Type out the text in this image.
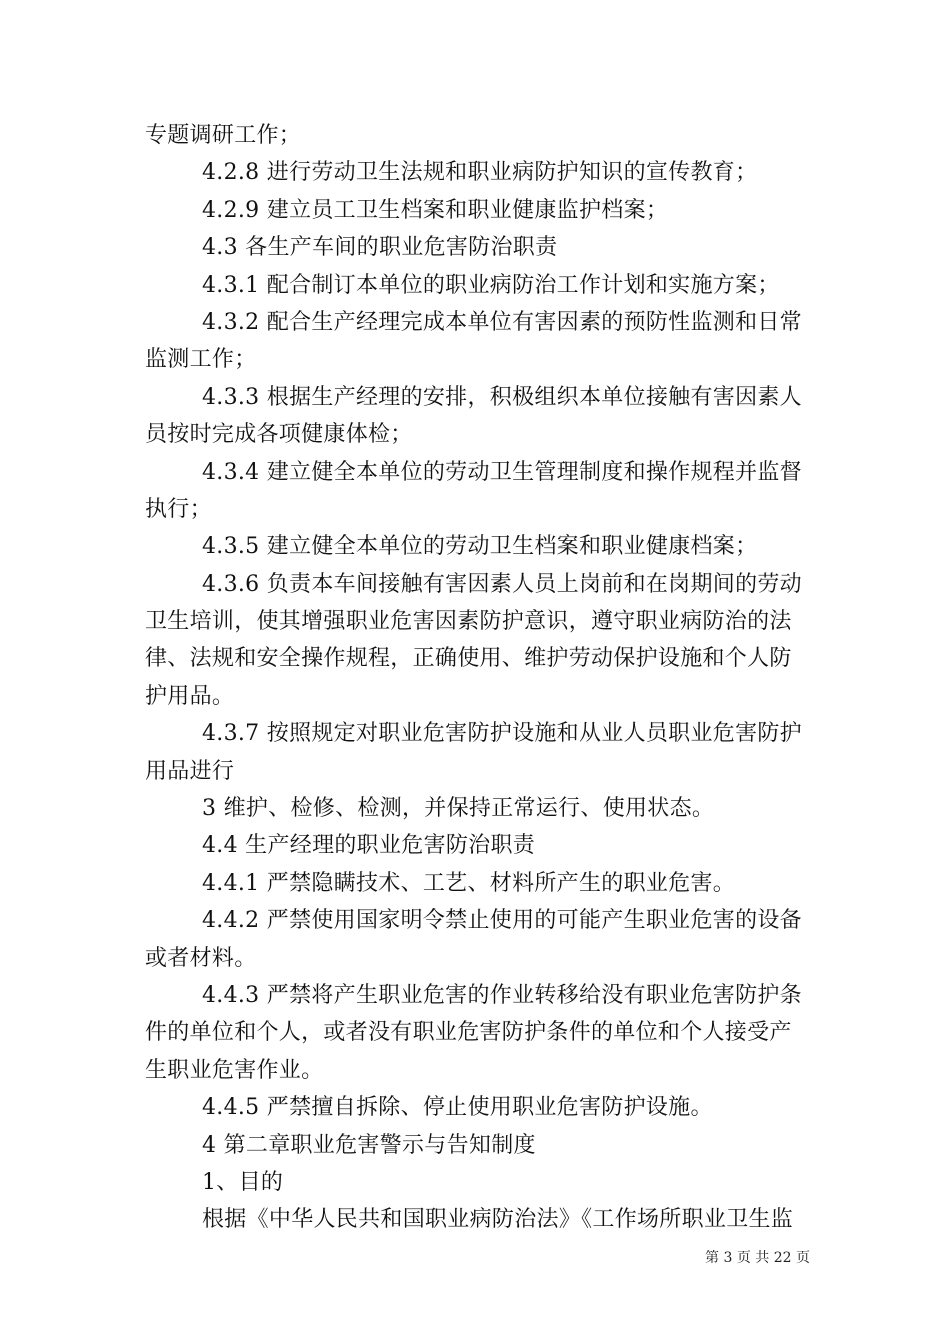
专题调研工作；
4.2.8 进行劳动卫生法规和职业病防护知识的宣传教育；
4.2.9 建立员工卫生档案和职业健康监护档案；
4.3 各生产车间的职业危害防治职责
4.3.1 配合制订本单位的职业病防治工作计划和实施方案；
4.3.2 配合生产经理完成本单位有害因素的预防性监测和日常
监测工作；
4.3.3 根据生产经理的安排，积极组织本单位接触有害因素人
员按时完成各项健康体检；
4.3.4 建立健全本单位的劳动卫生管理制度和操作规程并监督
执行；
4.3.5 建立健全本单位的劳动卫生档案和职业健康档案；
4.3.6 负责本车间接触有害因素人员上岗前和在岗期间的劳动
卫生培训，使其增强职业危害因素防护意识，遵守职业病防治的法
律、法规和安全操作规程，正确使用、维护劳动保护设施和个人防
护用品。
4.3.7 按照规定对职业危害防护设施和从业人员职业危害防护
用品进行
3 维护、检修、检测，并保持正常运行、使用状态。
4.4 生产经理的职业危害防治职责
4.4.1 严禁隐瞒技术、工艺、材料所产生的职业危害。
4.4.2 严禁使用国家明令禁止使用的可能产生职业危害的设备
或者材料。
4.4.3 严禁将产生职业危害的作业转移给没有职业危害防护条
件的单位和个人，或者没有职业危害防护条件的单位和个人接受产
生职业危害作业。
4.4.5 严禁擅自拆除、停止使用职业危害防护设施。
4 第二章职业危害警示与告知制度
1、目的
根据《中华人民共和国职业病防治法》《工作场所职业卫生监
第 3 页 共 22 页
